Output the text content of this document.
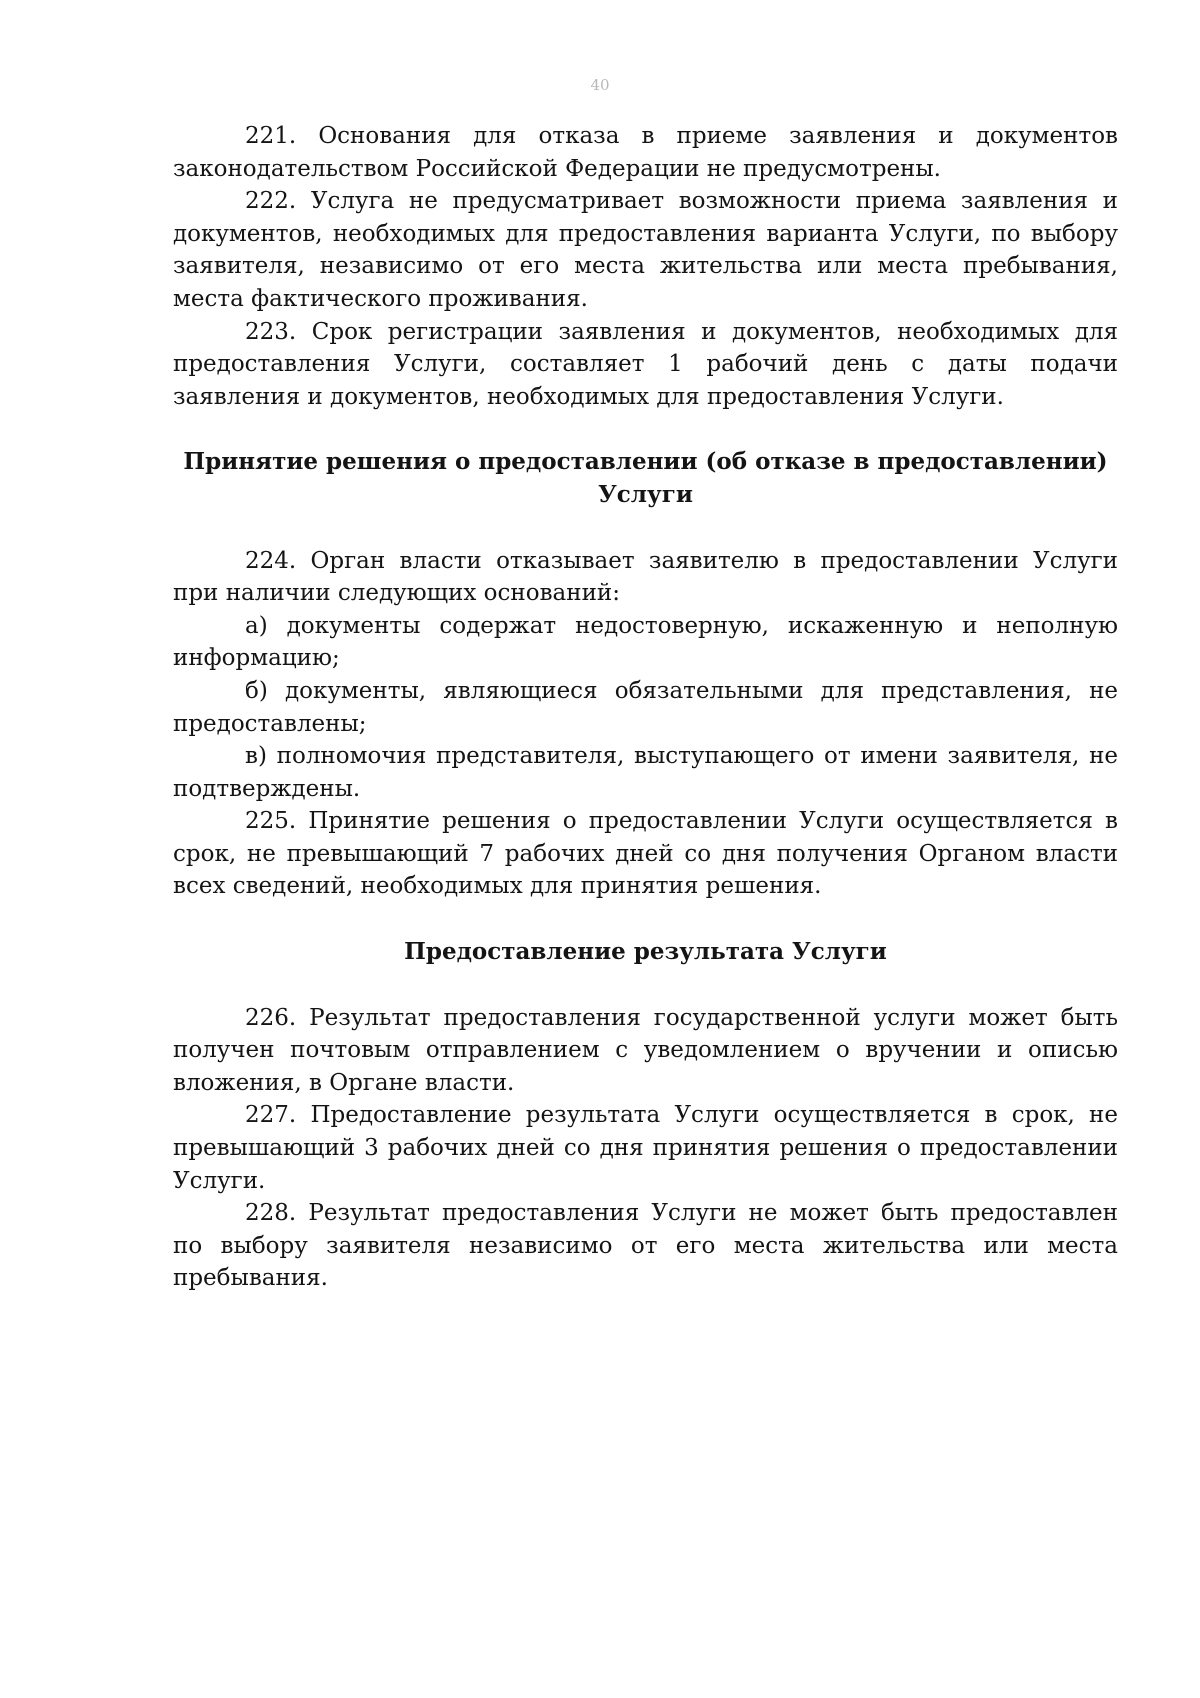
40

221. Основания для отказа в приеме заявления и документов законодательством Российской Федерации не предусмотрены.

222. Услуга не предусматривает возможности приема заявления и документов, необходимых для предоставления варианта Услуги, по выбору заявителя, независимо от его места жительства или места пребывания, места фактического проживания.

223. Срок регистрации заявления и документов, необходимых для предоставления Услуги, составляет 1 рабочий день с даты подачи заявления и документов, необходимых для предоставления Услуги.

Принятие решения о предоставлении (об отказе в предоставлении) Услуги

224. Орган власти отказывает заявителю в предоставлении Услуги при наличии следующих оснований:

а) документы содержат недостоверную, искаженную и неполную информацию;

б) документы, являющиеся обязательными для представления, не предоставлены;

в) полномочия представителя, выступающего от имени заявителя, не подтверждены.

225. Принятие решения о предоставлении Услуги осуществляется в срок, не превышающий 7 рабочих дней со дня получения Органом власти всех сведений, необходимых для принятия решения.

Предоставление результата Услуги

226. Результат предоставления государственной услуги может быть получен почтовым отправлением с уведомлением о вручении и описью вложения, в Органе власти.

227. Предоставление результата Услуги осуществляется в срок, не превышающий 3 рабочих дней со дня принятия решения о предоставлении Услуги.

228. Результат предоставления Услуги не может быть предоставлен по выбору заявителя независимо от его места жительства или места пребывания.
